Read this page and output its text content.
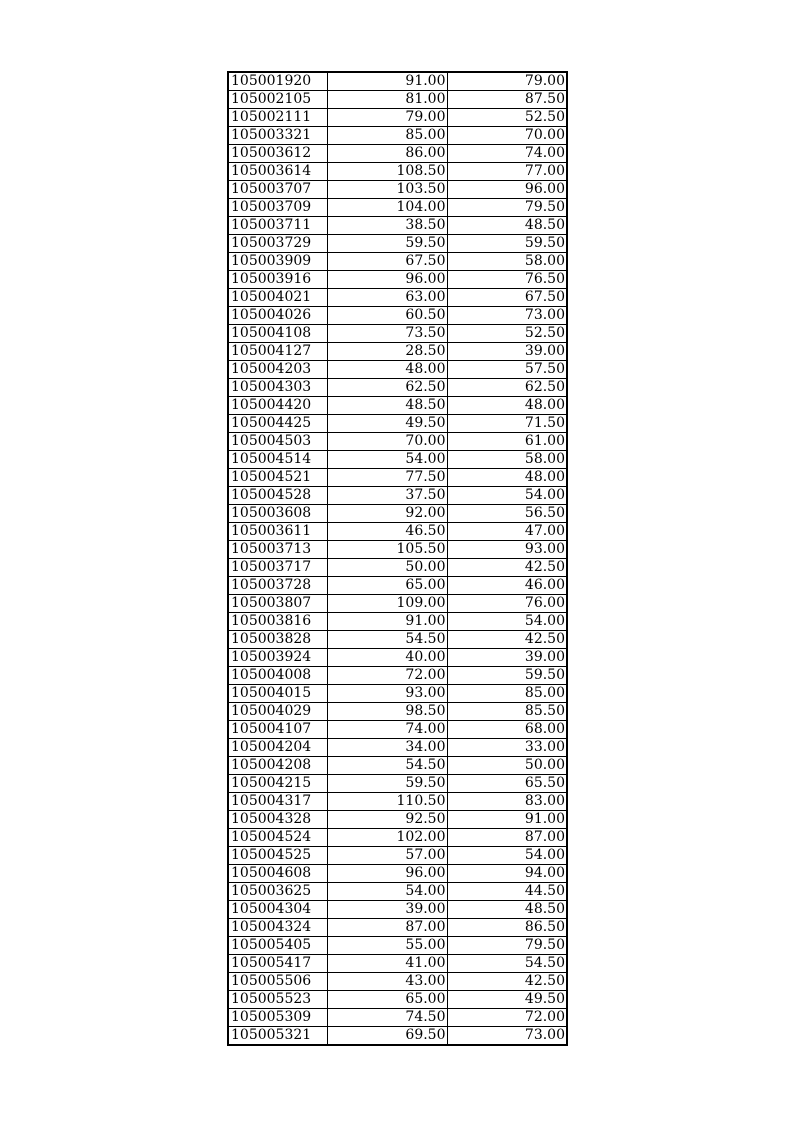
105001920	91.00	79.00
105002105	81.00	87.50
105002111	79.00	52.50
105003321	85.00	70.00
105003612	86.00	74.00
105003614	108.50	77.00
105003707	103.50	96.00
105003709	104.00	79.50
105003711	38.50	48.50
105003729	59.50	59.50
105003909	67.50	58.00
105003916	96.00	76.50
105004021	63.00	67.50
105004026	60.50	73.00
105004108	73.50	52.50
105004127	28.50	39.00
105004203	48.00	57.50
105004303	62.50	62.50
105004420	48.50	48.00
105004425	49.50	71.50
105004503	70.00	61.00
105004514	54.00	58.00
105004521	77.50	48.00
105004528	37.50	54.00
105003608	92.00	56.50
105003611	46.50	47.00
105003713	105.50	93.00
105003717	50.00	42.50
105003728	65.00	46.00
105003807	109.00	76.00
105003816	91.00	54.00
105003828	54.50	42.50
105003924	40.00	39.00
105004008	72.00	59.50
105004015	93.00	85.00
105004029	98.50	85.50
105004107	74.00	68.00
105004204	34.00	33.00
105004208	54.50	50.00
105004215	59.50	65.50
105004317	110.50	83.00
105004328	92.50	91.00
105004524	102.00	87.00
105004525	57.00	54.00
105004608	96.00	94.00
105003625	54.00	44.50
105004304	39.00	48.50
105004324	87.00	86.50
105005405	55.00	79.50
105005417	41.00	54.50
105005506	43.00	42.50
105005523	65.00	49.50
105005309	74.50	72.00
105005321	69.50	73.00
